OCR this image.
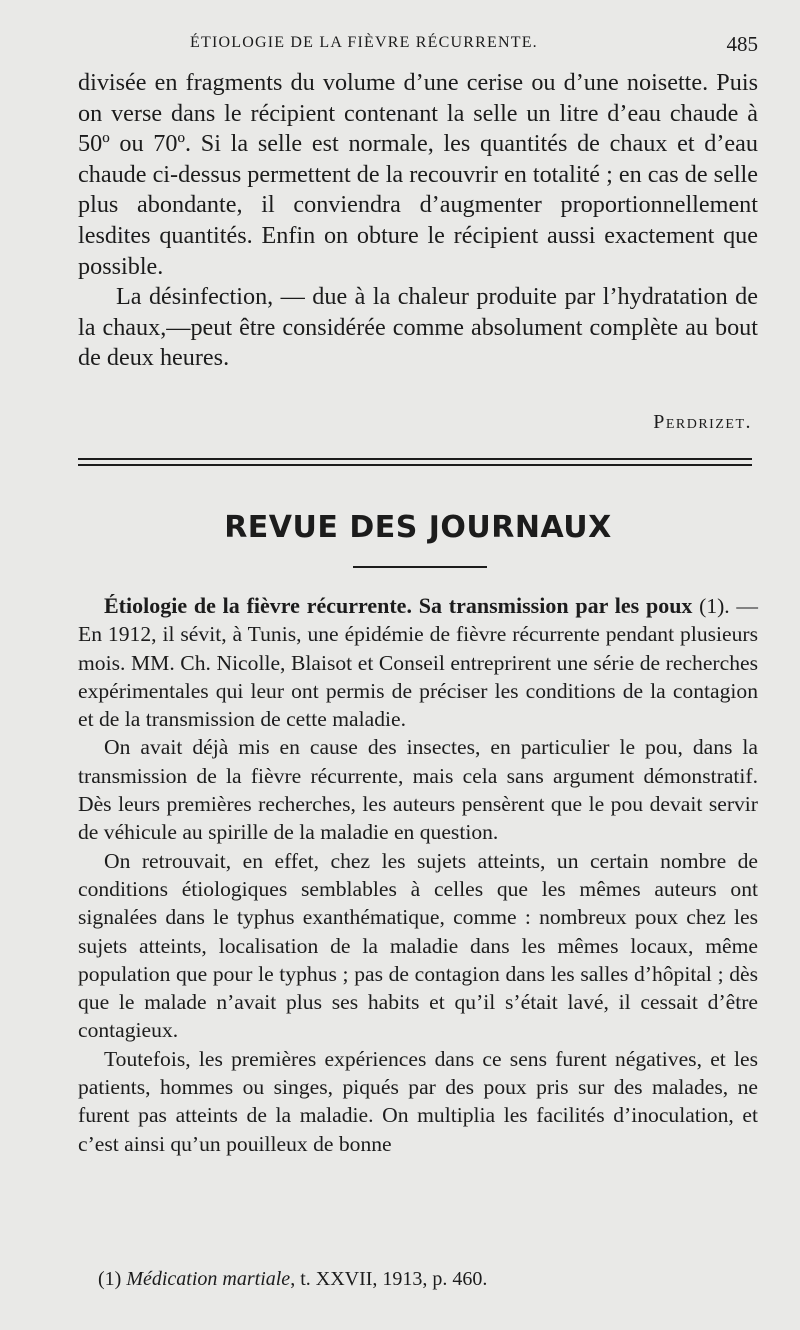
ÉTIOLOGIE DE LA FIÈVRE RÉCURRENTE.	485

divisée en fragments du volume d’une cerise ou d’une noisette. Puis on verse dans le récipient contenant la selle un litre d’eau chaude à 50º ou 70º. Si la selle est normale, les quantités de chaux et d’eau chaude ci-dessus permettent de la recouvrir en totalité ; en cas de selle plus abondante, il conviendra d’augmenter proportionnellement lesdites quantités. Enfin on obture le récipient aussi exactement que possible.

La désinfection, — due à la chaleur produite par l’hydratation de la chaux,—peut être considérée comme absolument complète au bout de deux heures.

Perdrizet.
REVUE DES JOURNAUX

Étiologie de la fièvre récurrente. Sa transmission par les poux (1). — En 1912, il sévit, à Tunis, une épidémie de fièvre récurrente pendant plusieurs mois. MM. Ch. Nicolle, Blaisot et Conseil entreprirent une série de recherches expérimentales qui leur ont permis de préciser les conditions de la contagion et de la transmission de cette maladie.

On avait déjà mis en cause des insectes, en particulier le pou, dans la transmission de la fièvre récurrente, mais cela sans argument démonstratif. Dès leurs premières recherches, les auteurs pensèrent que le pou devait servir de véhicule au spirille de la maladie en question.

On retrouvait, en effet, chez les sujets atteints, un certain nombre de conditions étiologiques semblables à celles que les mêmes auteurs ont signalées dans le typhus exanthématique, comme : nombreux poux chez les sujets atteints, localisation de la maladie dans les mêmes locaux, même population que pour le typhus ; pas de contagion dans les salles d’hôpital ; dès que le malade n’avait plus ses habits et qu’il s’était lavé, il cessait d’être contagieux.

Toutefois, les premières expériences dans ce sens furent négatives, et les patients, hommes ou singes, piqués par des poux pris sur des malades, ne furent pas atteints de la maladie. On multiplia les facilités d’inoculation, et c’est ainsi qu’un pouilleux de bonne

(1) Médication martiale, t. XXVII, 1913, p. 460.
